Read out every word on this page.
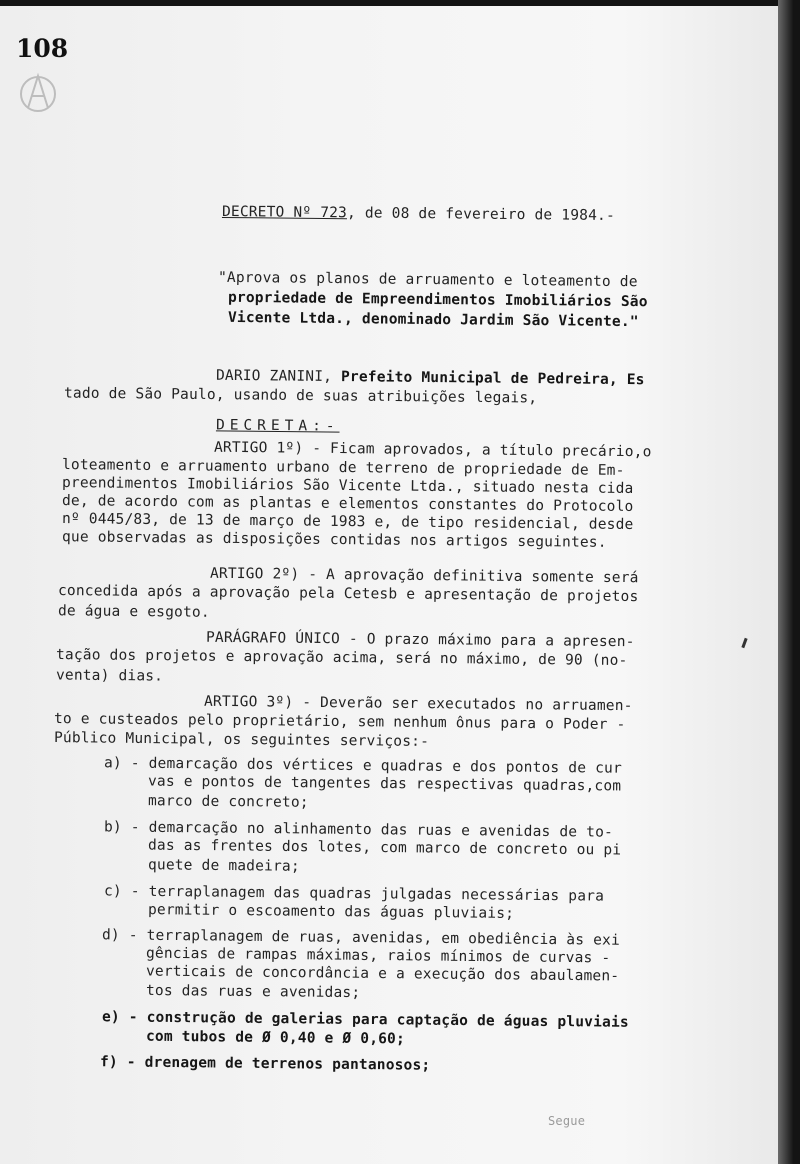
108
DECRETO Nº 723, de 08 de fevereiro de 1984.-
"Aprova os planos de arruamento e loteamento de
propriedade de Empreendimentos Imobiliários São
Vicente Ltda., denominado Jardim São Vicente."
DARIO ZANINI, Prefeito Municipal de Pedreira, Es
tado de São Paulo, usando de suas atribuições legais,
DECRETA:-
ARTIGO 1º) - Ficam aprovados, a título precário,o
loteamento e arruamento urbano de terreno de propriedade de Em-
preendimentos Imobiliários São Vicente Ltda., situado nesta cida
de, de acordo com as plantas e elementos constantes do Protocolo
nº 0445/83, de 13 de março de 1983 e, de tipo residencial, desde
que observadas as disposições contidas nos artigos seguintes.
ARTIGO 2º) - A aprovação definitiva somente será
concedida após a aprovação pela Cetesb e apresentação de projetos
de água e esgoto.
PARÁGRAFO ÚNICO - O prazo máximo para a apresen-
tação dos projetos e aprovação acima, será no máximo, de 90 (no-
venta) dias.
ARTIGO 3º) - Deverão ser executados no arruamen-
to e custeados pelo proprietário, sem nenhum ônus para o Poder -
Público Municipal, os seguintes serviços:-
a) - demarcação dos vértices e quadras e dos pontos de cur
vas e pontos de tangentes das respectivas quadras,com
marco de concreto;
b) - demarcação no alinhamento das ruas e avenidas de to-
das as frentes dos lotes, com marco de concreto ou pi
quete de madeira;
c) - terraplanagem das quadras julgadas necessárias para
permitir o escoamento das águas pluviais;
d) - terraplanagem de ruas, avenidas, em obediência às exi
gências de rampas máximas, raios mínimos de curvas -
verticais de concordância e a execução dos abaulamen-
tos das ruas e avenidas;
e) - construção de galerias para captação de águas pluviais
com tubos de Ø 0,40 e Ø 0,60;
f) - drenagem de terrenos pantanosos;
Segue
